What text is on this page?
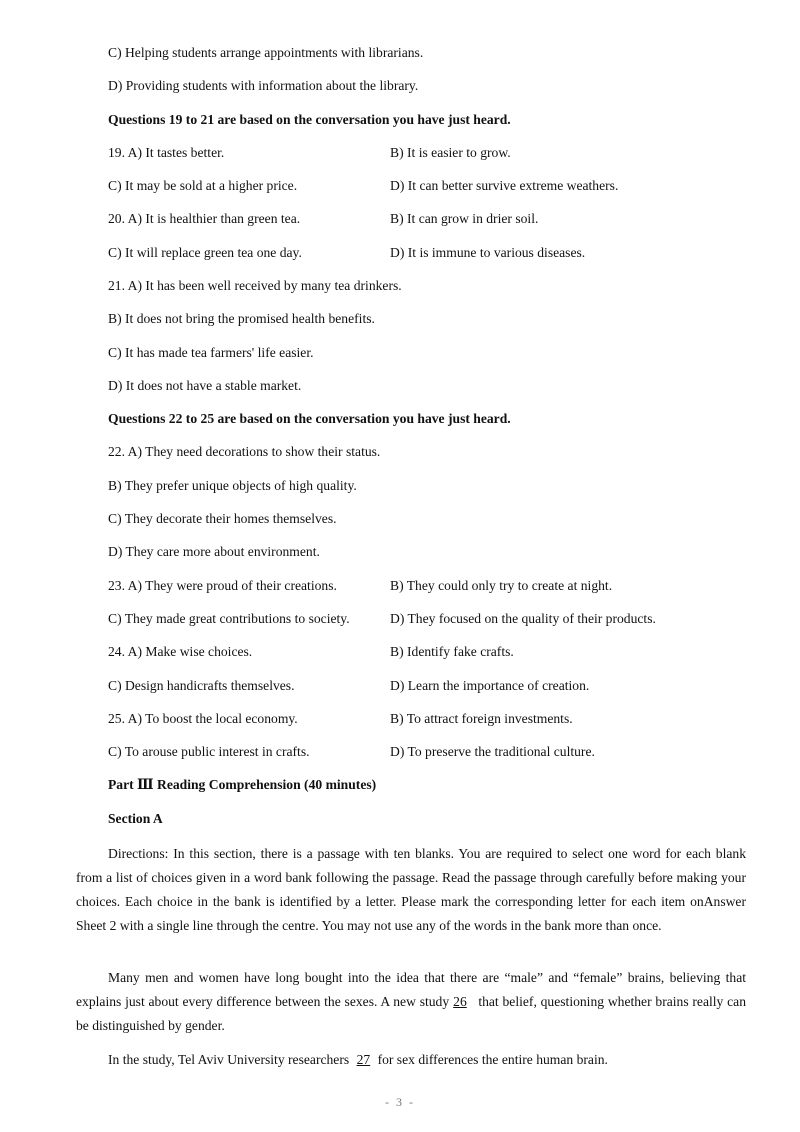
C) Helping students arrange appointments with librarians.
D) Providing students with information about the library.
Questions 19 to 21 are based on the conversation you have just heard.
19. A) It tastes better.	B) It is easier to grow.
C) It may be sold at a higher price.	D) It can better survive extreme weathers.
20. A) It is healthier than green tea.	B) It can grow in drier soil.
C) It will replace green tea one day.	D) It is immune to various diseases.
21. A) It has been well received by many tea drinkers.
B) It does not bring the promised health benefits.
C) It has made tea farmers' life easier.
D) It does not have a stable market.
Questions 22 to 25 are based on the conversation you have just heard.
22. A) They need decorations to show their status.
B) They prefer unique objects of high quality.
C) They decorate their homes themselves.
D) They care more about environment.
23. A) They were proud of their creations.	B) They could only try to create at night.
C) They made great contributions to society.	D) They focused on the quality of their products.
24. A) Make wise choices.	B) Identify fake crafts.
C) Design handicrafts themselves.	D) Learn the importance of creation.
25. A) To boost the local economy.	B) To attract foreign investments.
C) To arouse public interest in crafts.	D) To preserve the traditional culture.
Part Ⅲ Reading Comprehension (40 minutes)
Section A
Directions: In this section, there is a passage with ten blanks. You are required to select one word for each blank from a list of choices given in a word bank following the passage. Read the passage through carefully before making your choices. Each choice in the bank is identified by a letter. Please mark the corresponding letter for each item onAnswer Sheet 2 with a single line through the centre. You may not use any of the words in the bank more than once.
Many men and women have long bought into the idea that there are “male” and “female” brains, believing that explains just about every difference between the sexes. A new study 26 that belief, questioning whether brains really can be distinguished by gender.
In the study, Tel Aviv University researchers 27 for sex differences the entire human brain.
- 3 -
